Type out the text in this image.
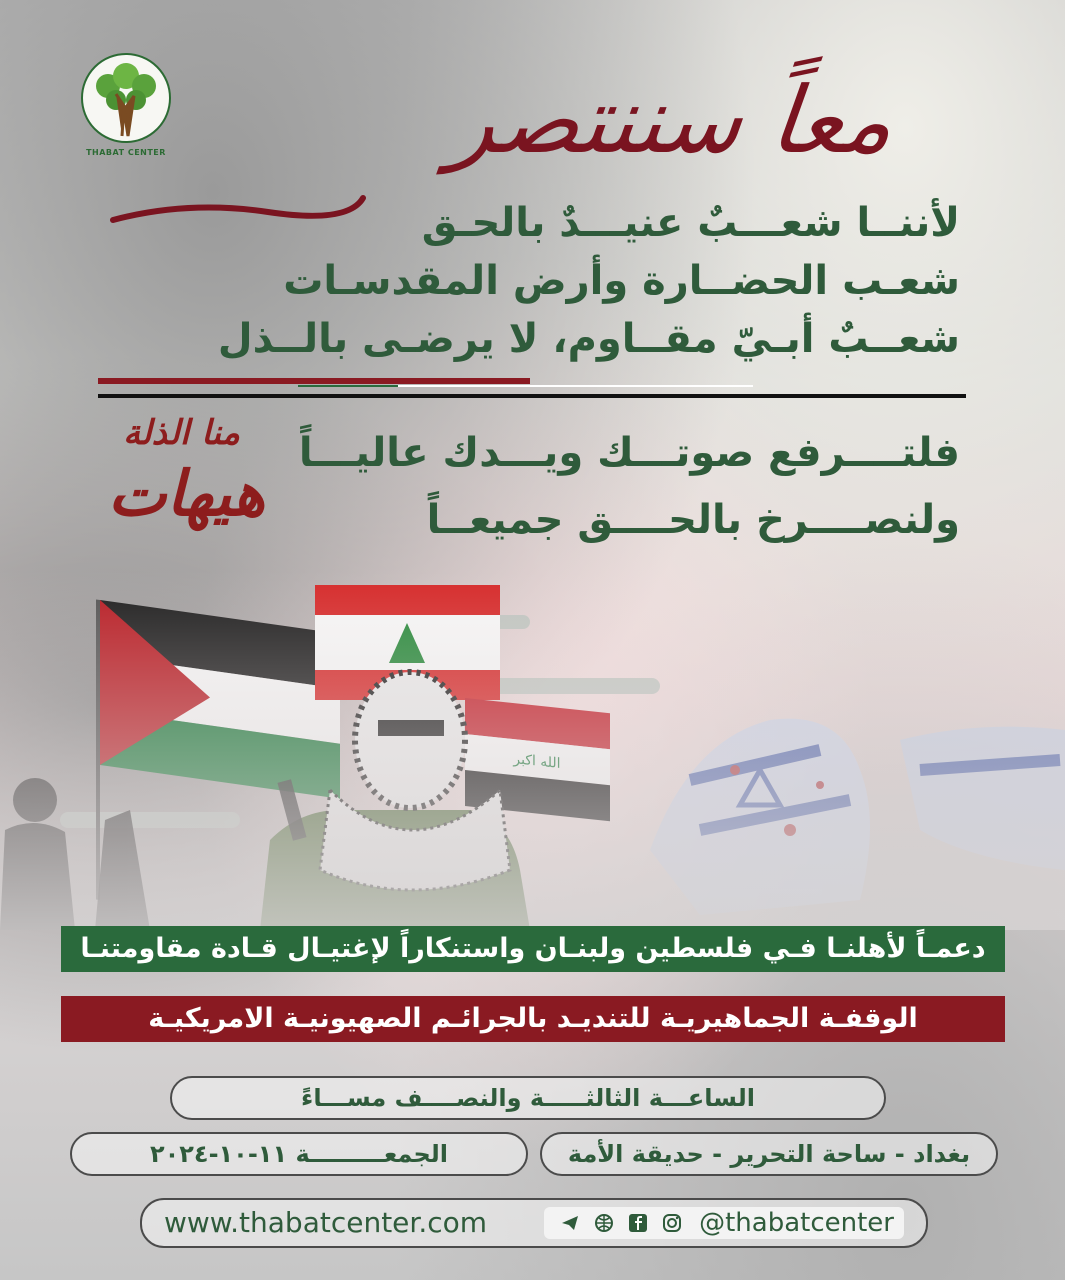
THABAT CENTER	معاً سننتصر
لأننــا شعـــبٌ عنيـــدٌ بالحـق
شعـب الحضــارة وأرض المقدسـات
شعــبٌ أبـيّ مقــاوم، لا يرضـى بالــذل
فلتــــرفع صوتـــك ويـــدك عاليـــاً
ولنصــــرخ بالحــــق جميعــاً
منا الذلة
هيهات
دعمـاً لأهلنـا فـي فلسطين ولبنـان واستنكاراً لإغتيـال قـادة مقاومتنـا
الوقفـة الجماهيريـة للتنديـد بالجرائـم الصهيونيـة الامريكيـة
الساعـــة الثالثـــــة والنصــــف مســـاءً
بغداد - ساحة التحرير - حديقة الأمة
الجمعـــــــــة ١١-١٠-٢٠٢٤
www.thabatcenter.com	@thabatcenter
